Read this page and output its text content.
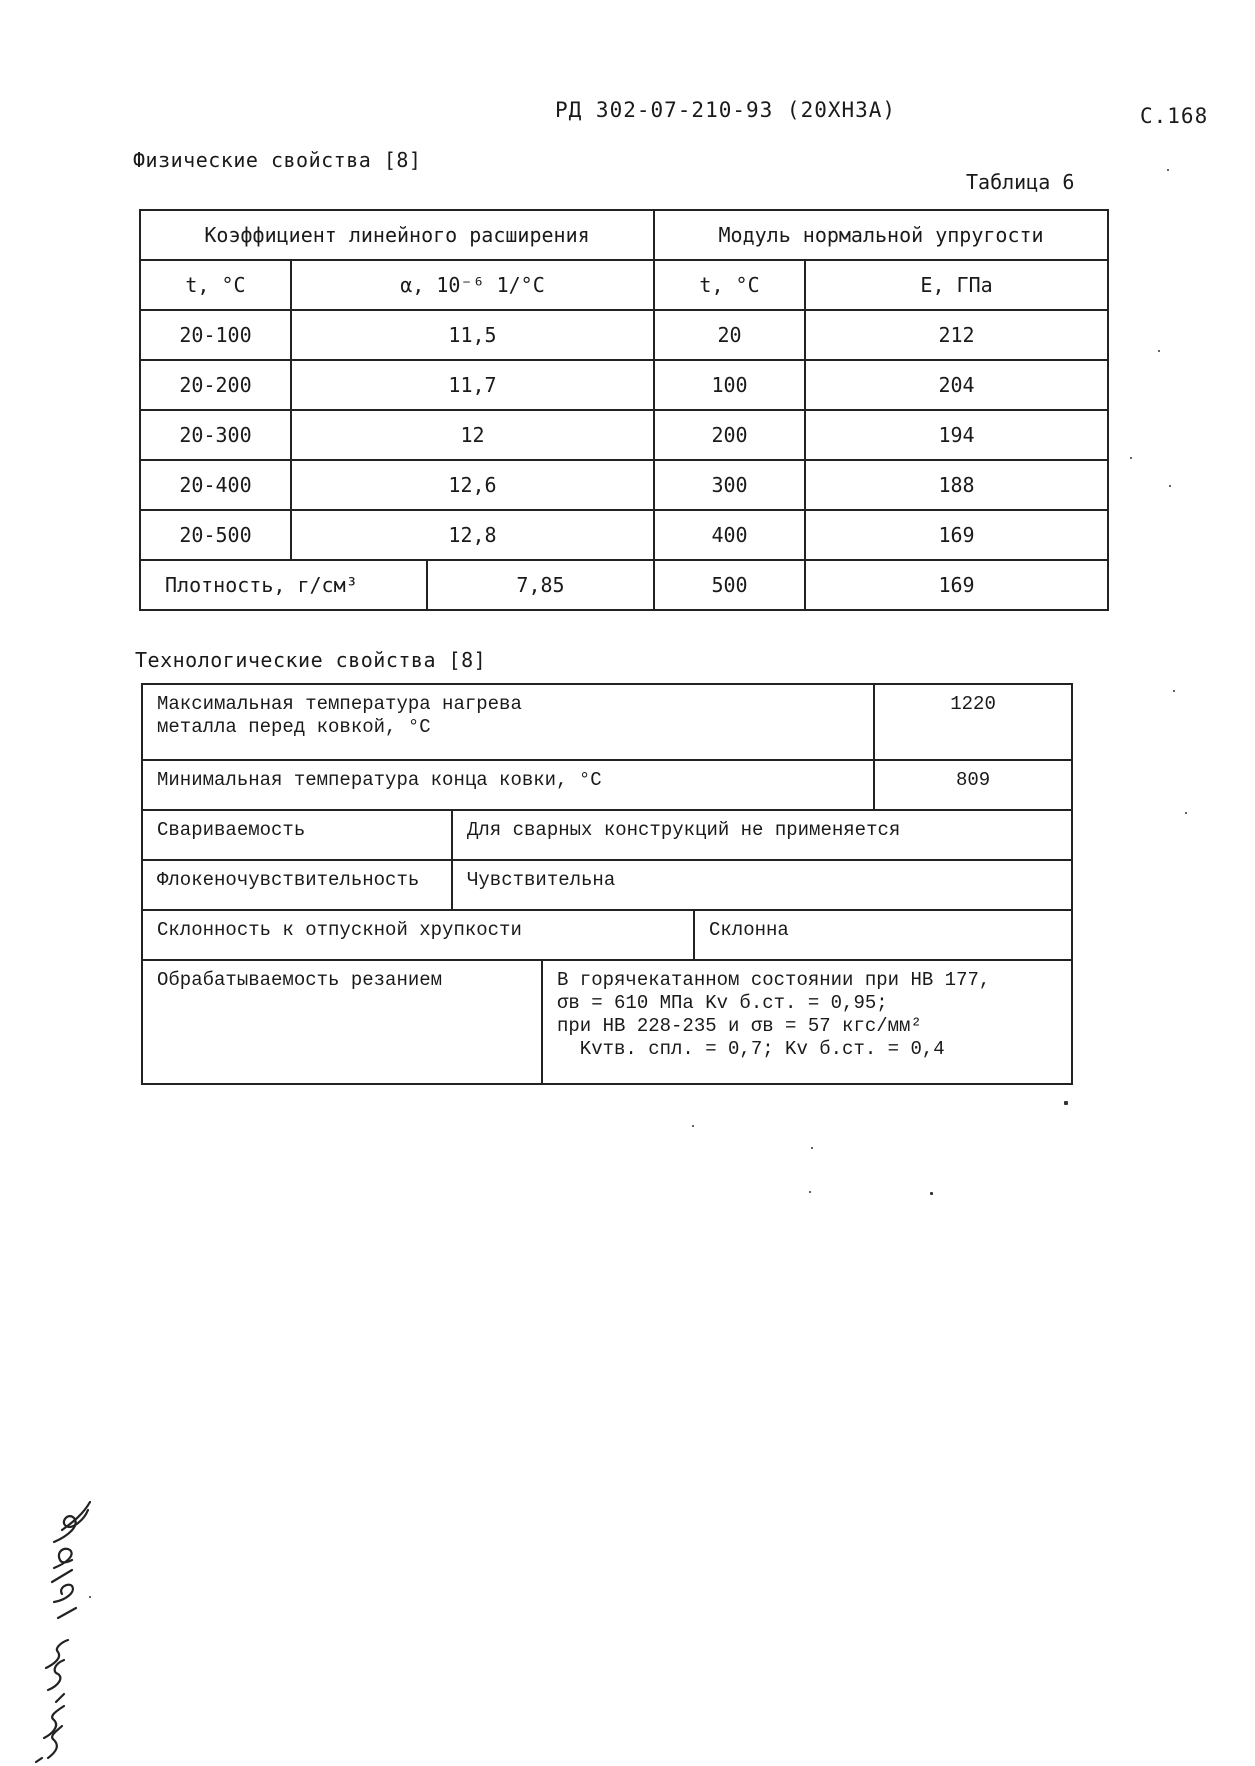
РД 302-07-210-93 (20ХН3А)	С.168
Физические свойства [8]
Таблица 6
Коэффициент линейного расширения			Модуль нормальной упругости	
t, °С	α, 10⁻⁶ 1/°С		t, °С	Е, ГПа
20-100	11,5		20	212
20-200	11,7		100	204
20-300	12		200	194
20-400	12,6		300	188
20-500	12,8		400	169
Плотность, г/см³		7,85	500	169
Технологические свойства [8]
Максимальная температура нагрева
металла перед ковкой, °С				1220
Минимальная температура конца ковки, °С				809
Свариваемость	Для сварных конструкций не применяется			
Флокеночувствительность	Чувствительна			
Склонность к отпускной хрупкости			Склонна	
Обрабатываемость резанием		В горячекатанном состоянии при НВ 177,
σв = 610 МПа Kv б.ст. = 0,95;
при НВ 228-235 и σв = 57 кгс/мм²
Kvтв. спл. = 0,7; Kv б.ст. = 0,4		
